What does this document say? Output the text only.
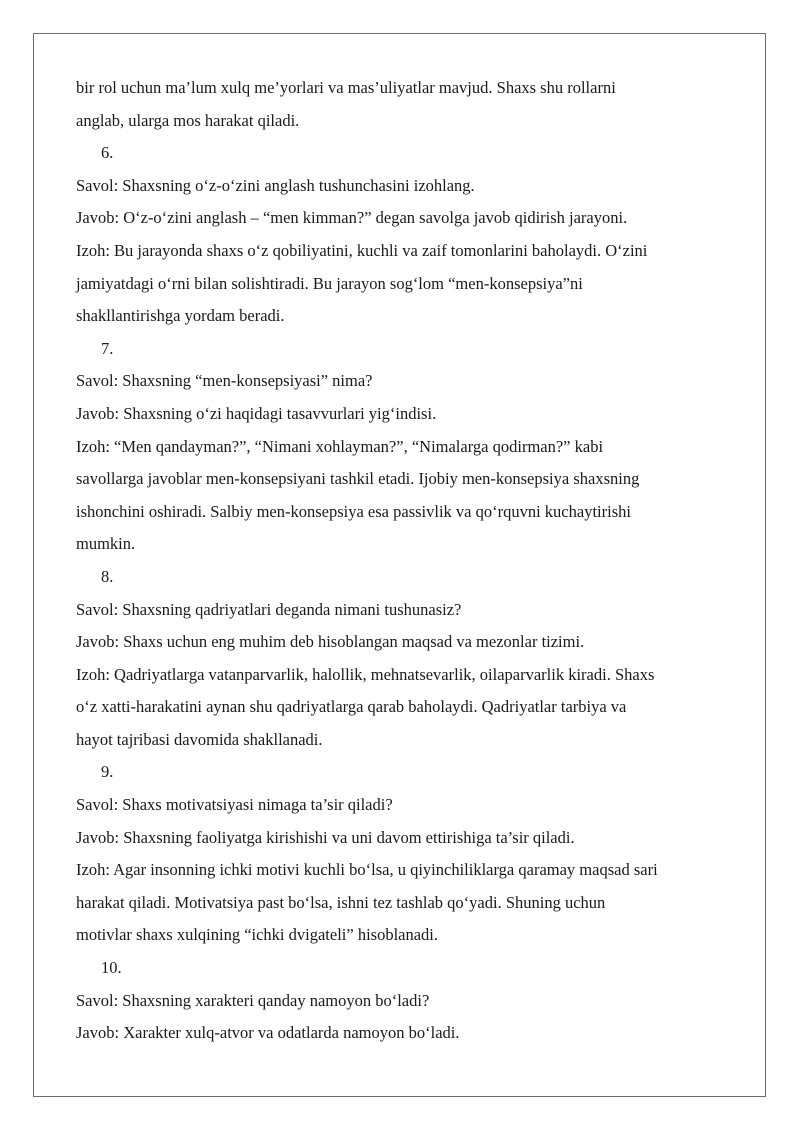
bir rol uchun ma’lum xulq me’yorlari va mas’uliyatlar mavjud. Shaxs shu rollarni

anglab, ularga mos harakat qiladi.

6.

Savol: Shaxsning o‘z-o‘zini anglash tushunchasini izohlang.

Javob: O‘z-o‘zini anglash – “men kimman?” degan savolga javob qidirish jarayoni.

Izoh: Bu jarayonda shaxs o‘z qobiliyatini, kuchli va zaif tomonlarini baholaydi. O‘zini

jamiyatdagi o‘rni bilan solishtiradi. Bu jarayon sog‘lom “men-konsepsiya”ni

shakllantirishga yordam beradi.

7.

Savol: Shaxsning “men-konsepsiyasi” nima?

Javob: Shaxsning o‘zi haqidagi tasavvurlari yig‘indisi.

Izoh: “Men qandayman?”, “Nimani xohlayman?”, “Nimalarga qodirman?” kabi

savollarga javoblar men-konsepsiyani tashkil etadi. Ijobiy men-konsepsiya shaxsning

ishonchini oshiradi. Salbiy men-konsepsiya esa passivlik va qo‘rquvni kuchaytirishi

mumkin.

8.

Savol: Shaxsning qadriyatlari deganda nimani tushunasiz?

Javob: Shaxs uchun eng muhim deb hisoblangan maqsad va mezonlar tizimi.

Izoh: Qadriyatlarga vatanparvarlik, halollik, mehnatsevarlik, oilaparvarlik kiradi. Shaxs

o‘z xatti-harakatini aynan shu qadriyatlarga qarab baholaydi. Qadriyatlar tarbiya va

hayot tajribasi davomida shakllanadi.

9.

Savol: Shaxs motivatsiyasi nimaga ta’sir qiladi?

Javob: Shaxsning faoliyatga kirishishi va uni davom ettirishiga ta’sir qiladi.

Izoh: Agar insonning ichki motivi kuchli bo‘lsa, u qiyinchiliklarga qaramay maqsad sari

harakat qiladi. Motivatsiya past bo‘lsa, ishni tez tashlab qo‘yadi. Shuning uchun

motivlar shaxs xulqining “ichki dvigateli” hisoblanadi.

10.

Savol: Shaxsning xarakteri qanday namoyon bo‘ladi?

Javob: Xarakter xulq-atvor va odatlarda namoyon bo‘ladi.
